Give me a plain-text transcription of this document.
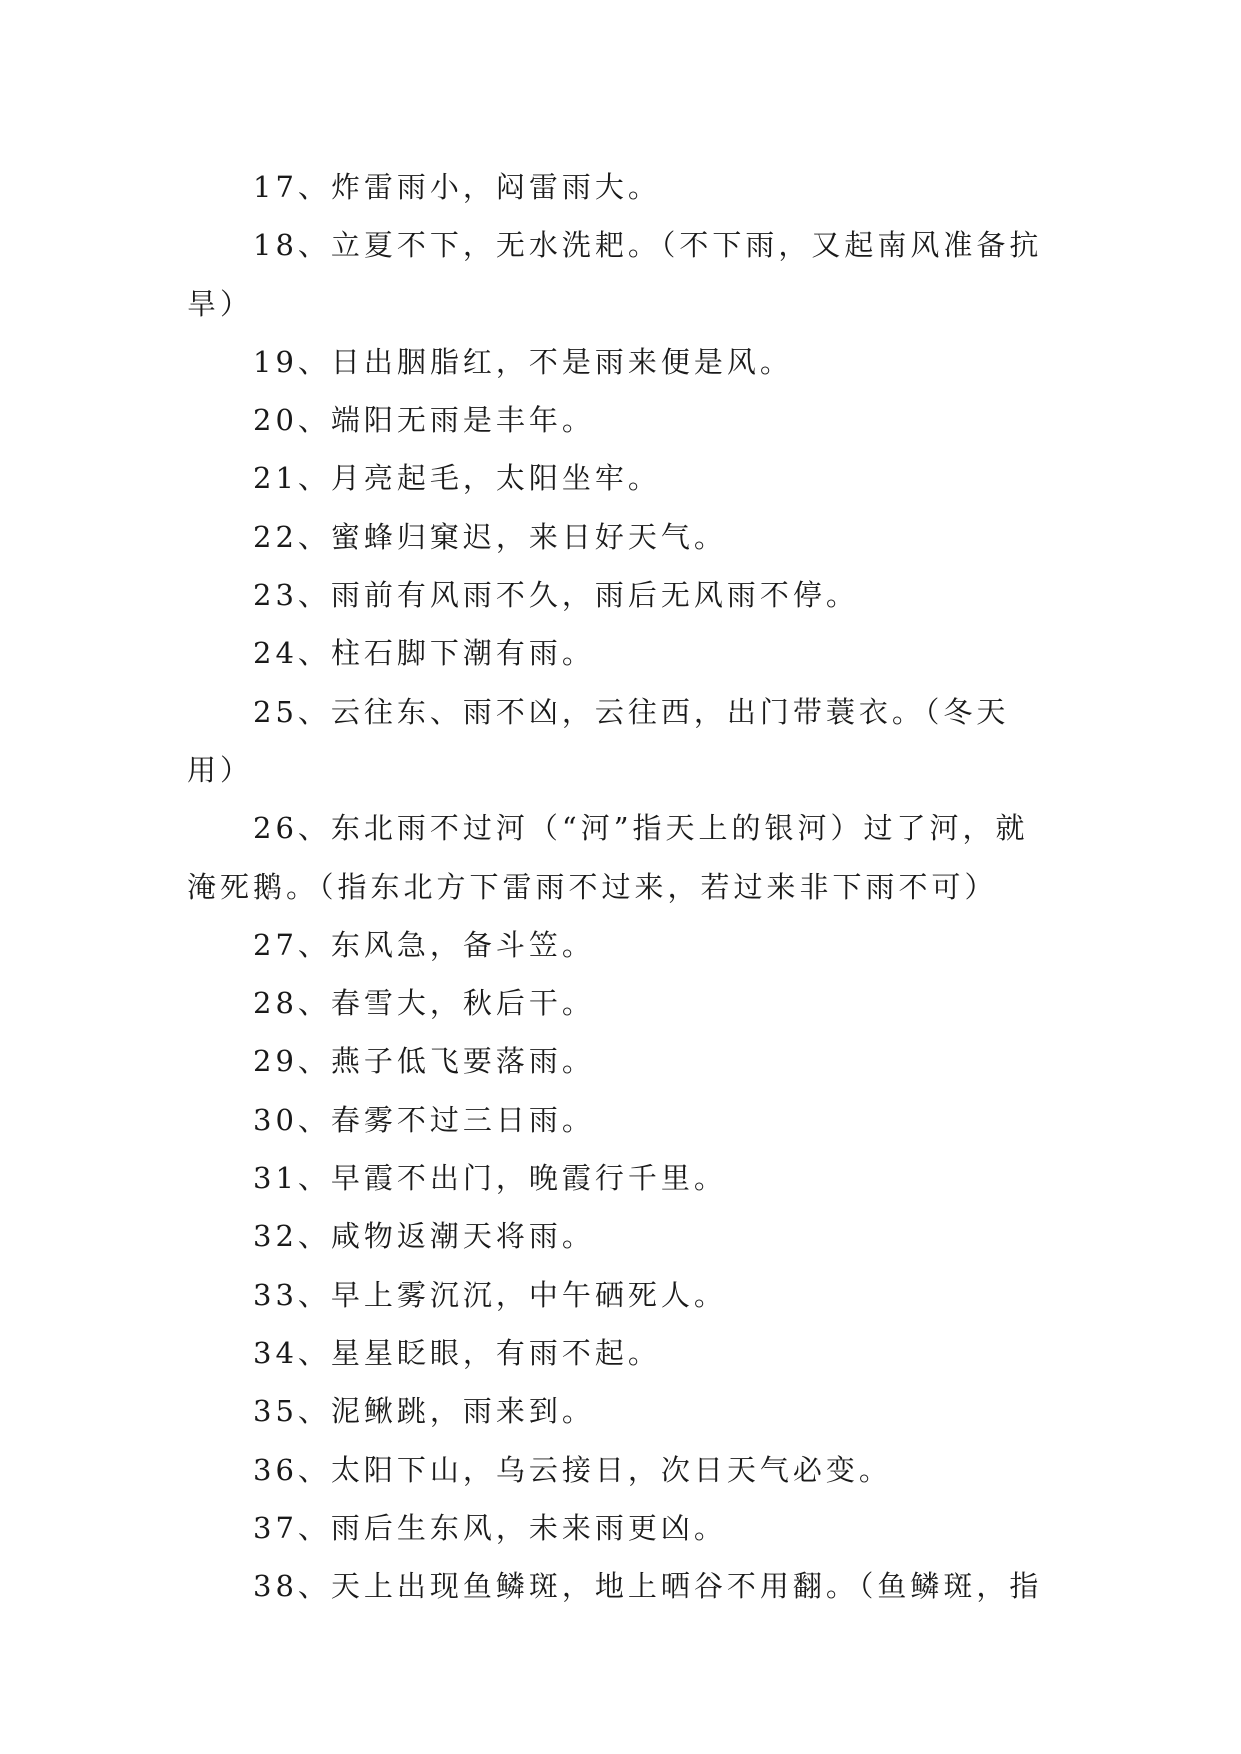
17、炸雷雨小，闷雷雨大。

18、立夏不下，无水洗耙。（不下雨，又起南风准备抗旱）

19、日出胭脂红，不是雨来便是风。

20、端阳无雨是丰年。

21、月亮起毛，太阳坐牢。

22、蜜蜂归窠迟，来日好天气。

23、雨前有风雨不久，雨后无风雨不停。

24、柱石脚下潮有雨。

25、云往东、雨不凶，云往西，出门带蓑衣。（冬天用）

26、东北雨不过河（“河”指天上的银河）过了河，就淹死鹅。（指东北方下雷雨不过来，若过来非下雨不可）

27、东风急，备斗笠。

28、春雪大，秋后干。

29、燕子低飞要落雨。

30、春雾不过三日雨。

31、早霞不出门，晚霞行千里。

32、咸物返潮天将雨。

33、早上雾沉沉，中午硒死人。

34、星星眨眼，有雨不起。

35、泥鳅跳，雨来到。

36、太阳下山，乌云接日，次日天气必变。

37、雨后生东风，未来雨更凶。

38、天上出现鱼鳞斑，地上晒谷不用翻。（鱼鳞斑，指
